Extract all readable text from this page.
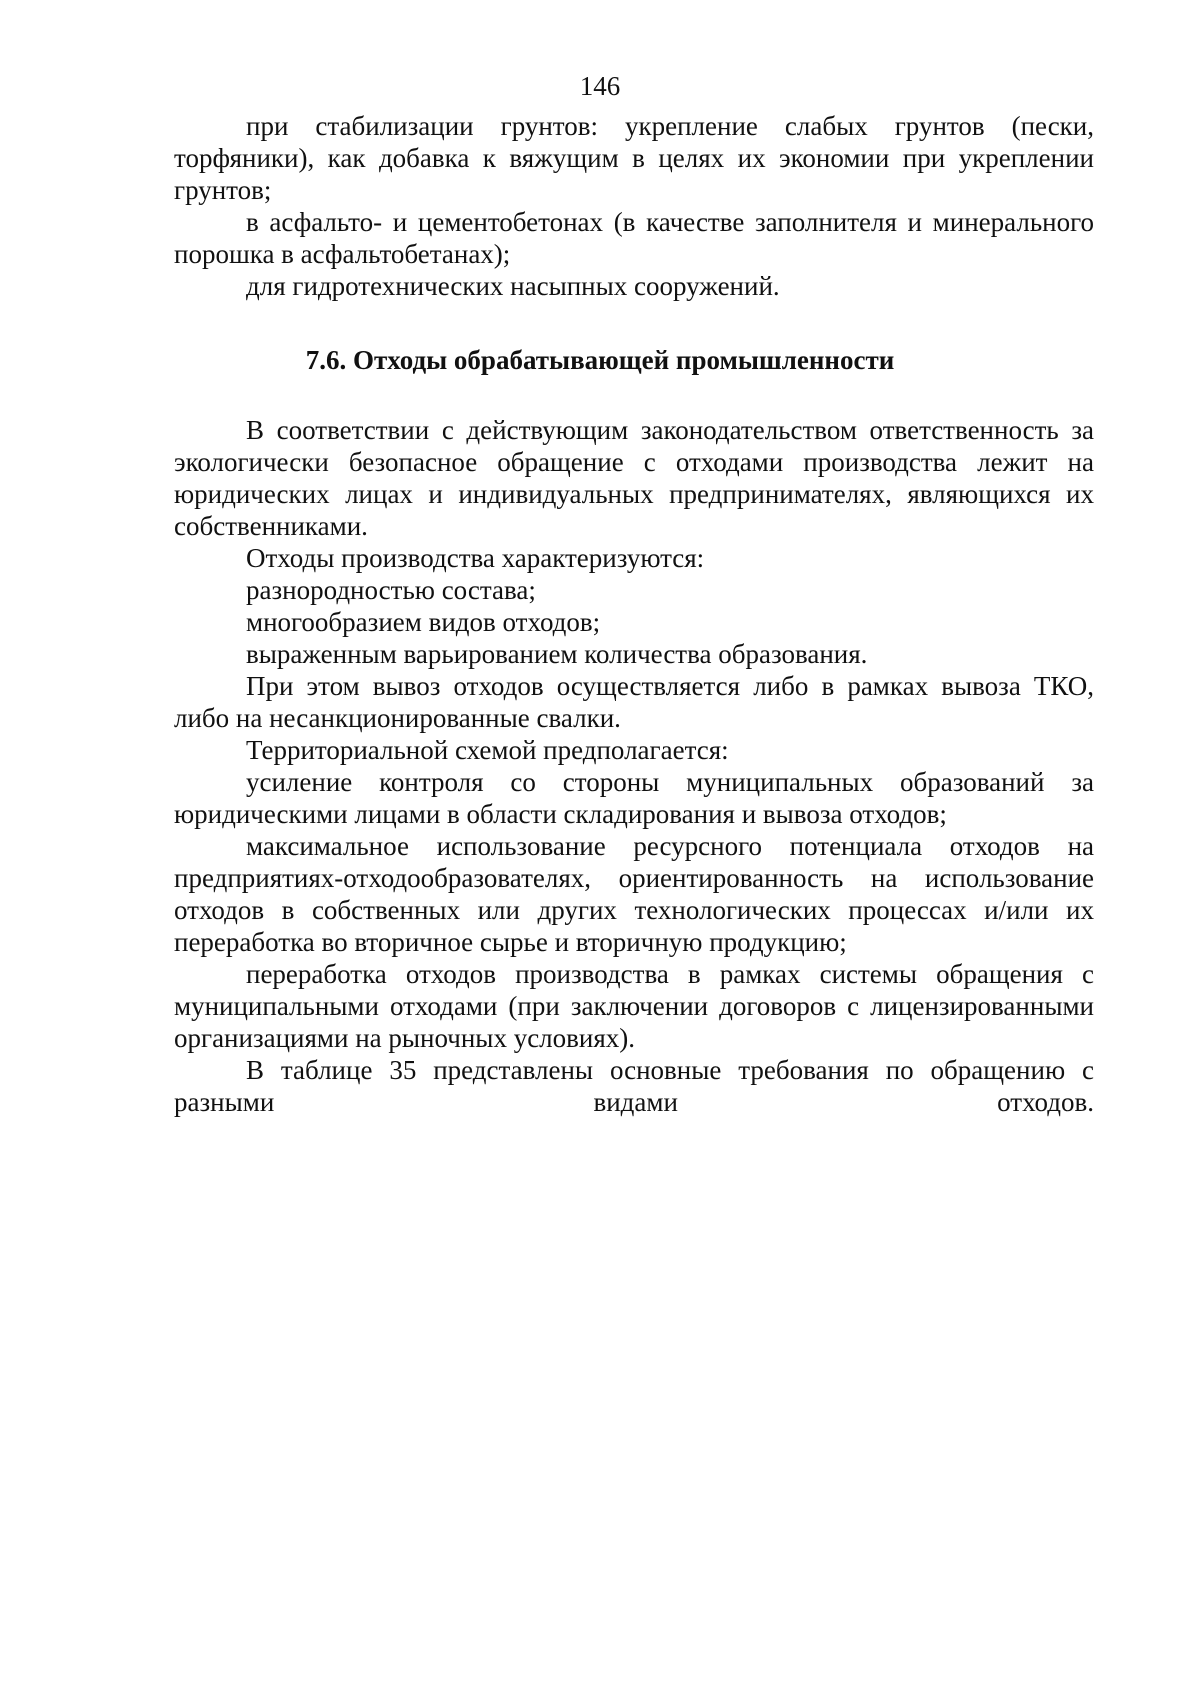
146

при стабилизации грунтов: укрепление слабых грунтов (пески, торфяники), как добавка к вяжущим в целях их экономии при укреплении грунтов;

в асфальто- и цементобетонах (в качестве заполнителя и минерального порошка в асфальтобетанах);

для гидротехнических насыпных сооружений.

7.6. Отходы обрабатывающей промышленности

В соответствии с действующим законодательством ответственность за экологически безопасное обращение с отходами производства лежит на юридических лицах и индивидуальных предпринимателях, являющихся их собственниками.

Отходы производства характеризуются:

разнородностью состава;

многообразием видов отходов;

выраженным варьированием количества образования.

При этом вывоз отходов осуществляется либо в рамках вывоза ТКО, либо на несанкционированные свалки.

Территориальной схемой предполагается:

усиление контроля со стороны муниципальных образований за юридическими лицами в области складирования и вывоза отходов;

максимальное использование ресурсного потенциала отходов на предприятиях-отходообразователях, ориентированность на использование отходов в собственных или других технологических процессах и/или их переработка во вторичное сырье и вторичную продукцию;

переработка отходов производства в рамках системы обращения с муниципальными отходами (при заключении договоров с лицензированными организациями на рыночных условиях).

В таблице 35 представлены основные требования по обращению с разными видами отходов.
